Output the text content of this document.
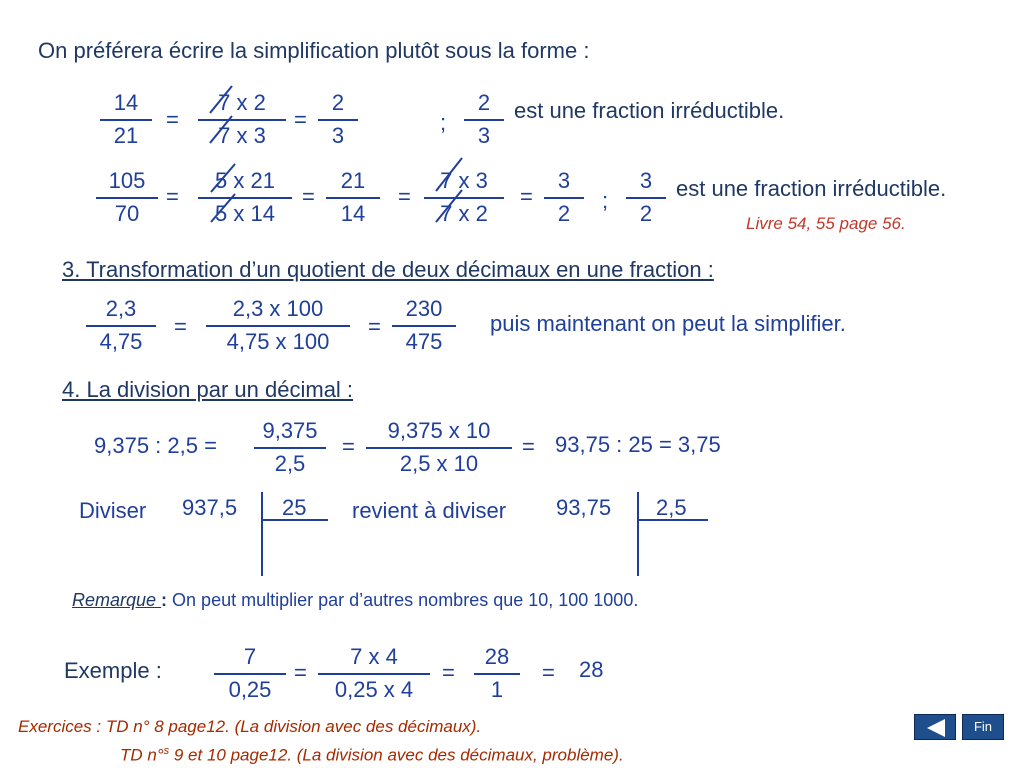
On préférera écrire la simplification plutôt sous la forme :
14
21
=
7 x 2
7 x 3
=
2
3
;
2
3
est une fraction irréductible.
105
70
=
5 x 21
5 x 14
=
21
14
=
7 x 3
7 x 2
=
3
2
;
3
2
est une fraction irréductible.
Livre 54, 55 page 56.
3. Transformation d’un quotient de deux décimaux en une fraction :
2,3
4,75
=
2,3 x 100
4,75 x 100
=
230
475
puis maintenant on peut la simplifier.
4. La division par un décimal :
9,375 : 2,5 =
9,375
2,5
=
9,375 x 10
2,5 x 10
= 93,75 : 25 = 3,75
Diviser 937,5 25 revient à diviser 93,75 2,5
Remarque : On peut multiplier par d’autres nombres que 10, 100 1000.
Exemple :
7
0,25
=
7 x 4
0,25 x 4
=
28
1
= 28
Exercices : TD n° 8 page12. (La division avec des décimaux).
TD n°$^s$ 9 et 10 page12. (La division avec des décimaux, problème).
Fin
